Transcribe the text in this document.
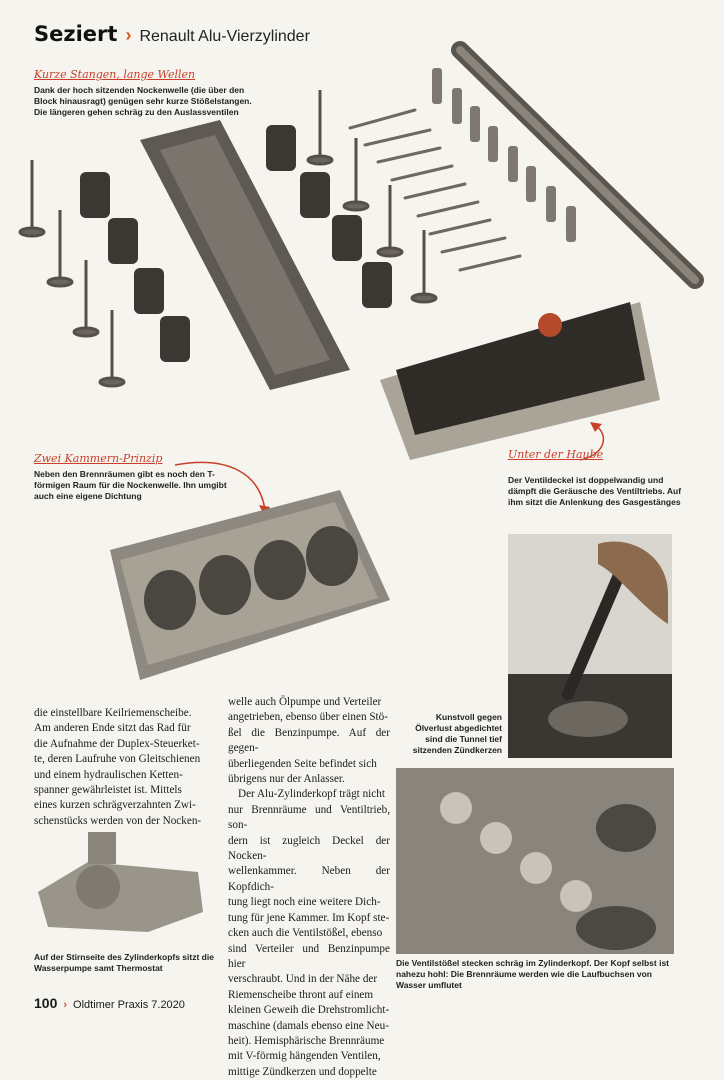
Seziert › Renault Alu-Vierzylinder
Kurze Stangen, lange Wellen
Dank der hoch sitzenden Nockenwelle (die über den Block hinausragt) genügen sehr kurze Stößelstangen. Die längeren gehen schräg zu den Auslassventilen
Zwei Kammern-Prinzip
Neben den Brennräumen gibt es noch den T-förmigen Raum für die Nockenwelle. Ihn umgibt auch eine eigene Dichtung
Unter der Haube
Der Ventildeckel ist doppelwandig und dämpft die Geräusche des Ventiltriebs. Auf ihm sitzt die Anlenkung des Gasgestänges
Kunstvoll gegen Ölverlust abgedichtet sind die Tunnel tief sitzenden Zündkerzen

die einstellbare Keilriemenscheibe.

Am anderen Ende sitzt das Rad für

die Aufnahme der Duplex-Steuerket-

te, deren Laufruhe von Gleitschienen

und einem hydraulischen Ketten-

spanner gewährleistet ist. Mittels

eines kurzen schrägverzahnten Zwi-

schenstücks werden von der Nocken-

Auf der Stirnseite des Zylinderkopfs sitzt die Wasserpumpe samt Thermostat

welle auch Ölpumpe und Verteiler

angetrieben, ebenso über einen Stö-

ßel die Benzinpumpe. Auf der gegen-

überliegenden Seite befindet sich

übrigens nur der Anlasser.

Der Alu-Zylinderkopf trägt nicht

nur Brennräume und Ventiltrieb, son-

dern ist zugleich Deckel der Nocken-

wellenkammer. Neben der Kopfdich-

tung liegt noch eine weitere Dich-

tung für jene Kammer. Im Kopf ste-

cken auch die Ventilstößel, ebenso

sind Verteiler und Benzinpumpe hier

verschraubt. Und in der Nähe der

Riemenscheibe thront auf einem

kleinen Geweih die Drehstromlicht-

maschine (damals ebenso eine Neu-

heit). Hemisphärische Brennräume

mit V-förmig hängenden Ventilen,

mittige Zündkerzen und doppelte

Die Ventilstößel stecken schräg im Zylinderkopf. Der Kopf selbst ist nahezu hohl: Die Brennräume werden wie die Laufbuchsen von Wasser umflutet
100 › Oldtimer Praxis 7.2020
